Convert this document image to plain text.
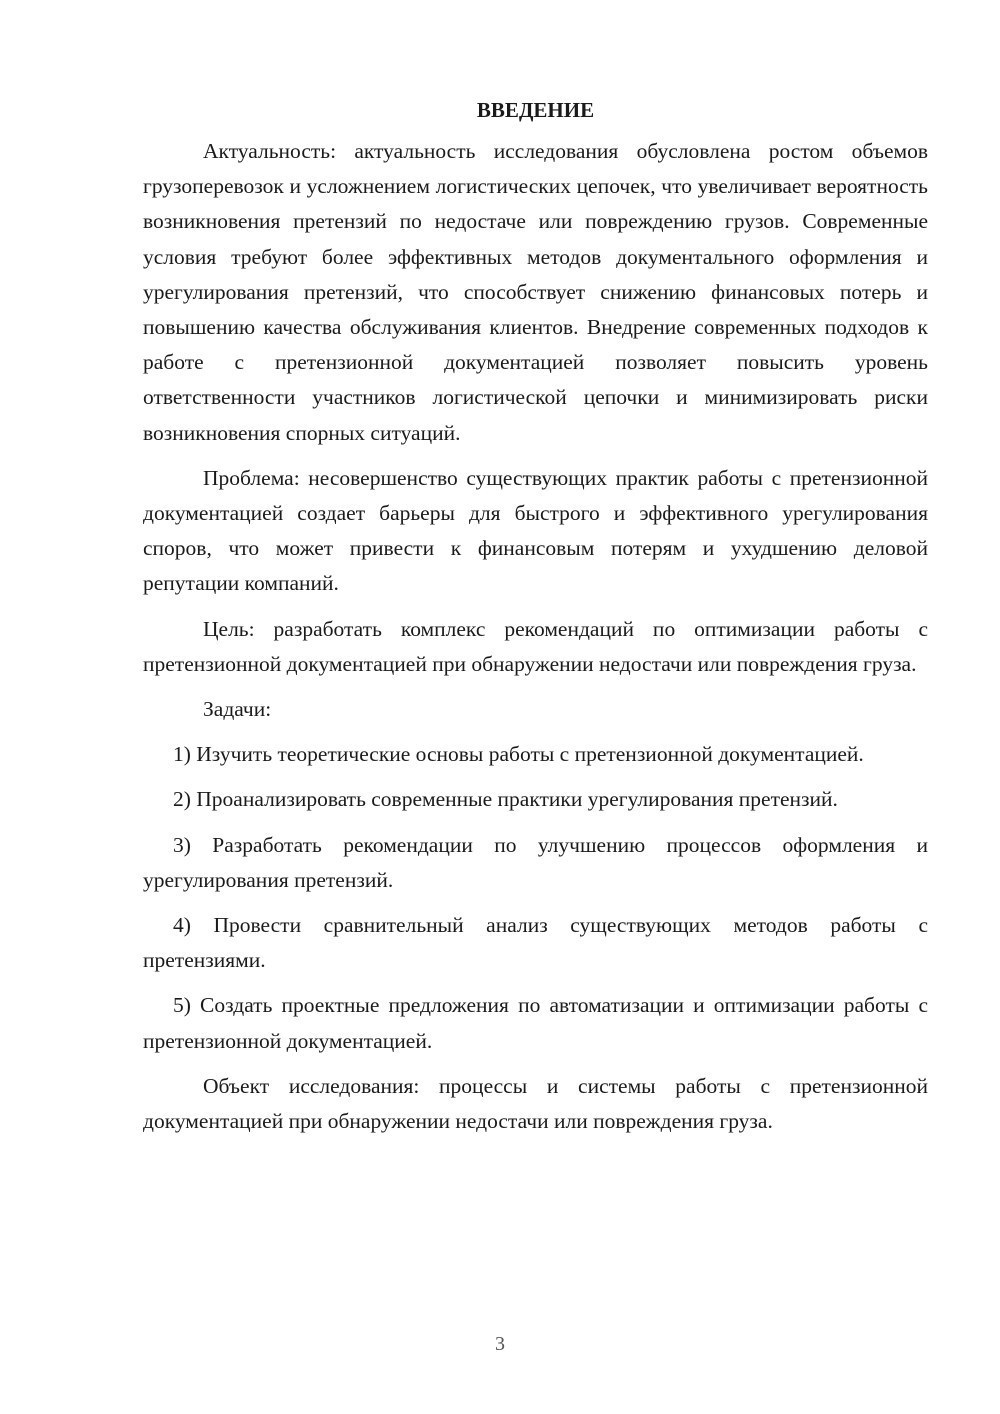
ВВЕДЕНИЕ

Актуальность: актуальность исследования обусловлена ростом объемов грузоперевозок и усложнением логистических цепочек, что увеличивает вероятность возникновения претензий по недостаче или повреждению грузов. Современные условия требуют более эффективных методов документального оформления и урегулирования претензий, что способствует снижению финансовых потерь и повышению качества обслуживания клиентов. Внедрение современных подходов к работе с претензионной документацией позволяет повысить уровень ответственности участников логистической цепочки и минимизировать риски возникновения спорных ситуаций.

Проблема: несовершенство существующих практик работы с претензионной документацией создает барьеры для быстрого и эффективного урегулирования споров, что может привести к финансовым потерям и ухудшению деловой репутации компаний.

Цель: разработать комплекс рекомендаций по оптимизации работы с претензионной документацией при обнаружении недостачи или повреждения груза.

Задачи:

1) Изучить теоретические основы работы с претензионной документацией.

2) Проанализировать современные практики урегулирования претензий.

3) Разработать рекомендации по улучшению процессов оформления и урегулирования претензий.

4) Провести сравнительный анализ существующих методов работы с претензиями.

5) Создать проектные предложения по автоматизации и оптимизации работы с претензионной документацией.

Объект исследования: процессы и системы работы с претензионной документацией при обнаружении недостачи или повреждения груза.

3
